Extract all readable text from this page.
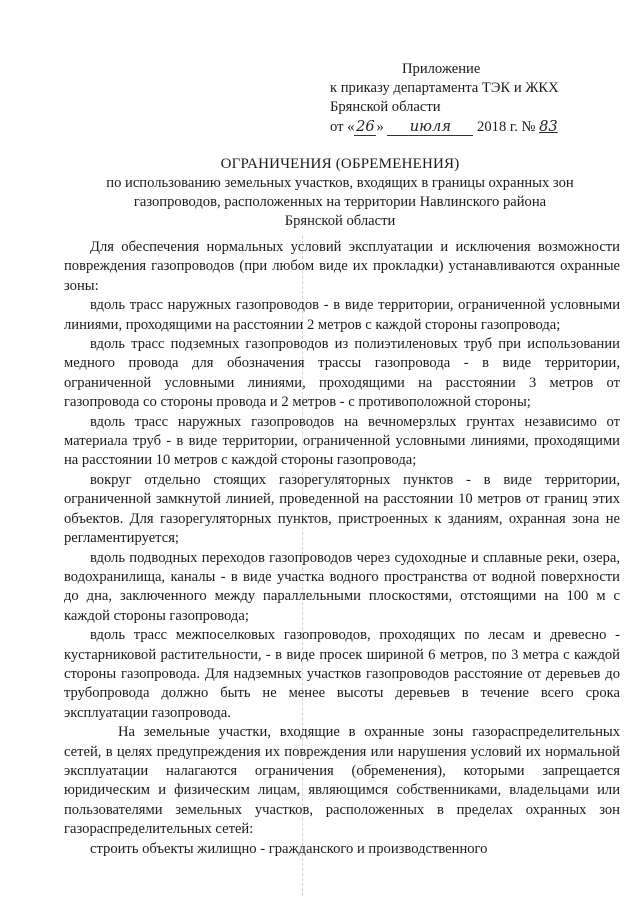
Приложение
к приказу департамента ТЭК и ЖКХ
Брянской области
от « 26 » июля 2018 г. № 83
ОГРАНИЧЕНИЯ (ОБРЕМЕНЕНИЯ)
по использованию земельных участков, входящих в границы охранных зон
газопроводов, расположенных на территории Навлинского района
Брянской области

Для обеспечения нормальных условий эксплуатации и исключения возможности повреждения газопроводов (при любом виде их прокладки) устанавливаются охранные зоны:

вдоль трасс наружных газопроводов - в виде территории, ограниченной условными линиями, проходящими на расстоянии 2 метров с каждой стороны газопровода;

вдоль трасс подземных газопроводов из полиэтиленовых труб при использовании медного провода для обозначения трассы газопровода - в виде территории, ограниченной условными линиями, проходящими на расстоянии 3 метров от газопровода со стороны провода и 2 метров - с противоположной стороны;

вдоль трасс наружных газопроводов на вечномерзлых грунтах независимо от материала труб - в виде территории, ограниченной условными линиями, проходящими на расстоянии 10 метров с каждой стороны газопровода;

вокруг отдельно стоящих газорегуляторных пунктов - в виде территории, ограниченной замкнутой линией, проведенной на расстоянии 10 метров от границ этих объектов. Для газорегуляторных пунктов, пристроенных к зданиям, охранная зона не регламентируется;

вдоль подводных переходов газопроводов через судоходные и сплавные реки, озера, водохранилища, каналы - в виде участка водного пространства от водной поверхности до дна, заключенного между параллельными плоскостями, отстоящими на 100 м с каждой стороны газопровода;

вдоль трасс межпоселковых газопроводов, проходящих по лесам и древесно - кустарниковой растительности, - в виде просек шириной 6 метров, по 3 метра с каждой стороны газопровода. Для надземных участков газопроводов расстояние от деревьев до трубопровода должно быть не менее высоты деревьев в течение всего срока эксплуатации газопровода.

На земельные участки, входящие в охранные зоны газораспределительных сетей, в целях предупреждения их повреждения или нарушения условий их нормальной эксплуатации налагаются ограничения (обременения), которыми запрещается юридическим и физическим лицам, являющимся собственниками, владельцами или пользователями земельных участков, расположенных в пределах охранных зон газораспределительных сетей:

строить объекты жилищно - гражданского и производственного
